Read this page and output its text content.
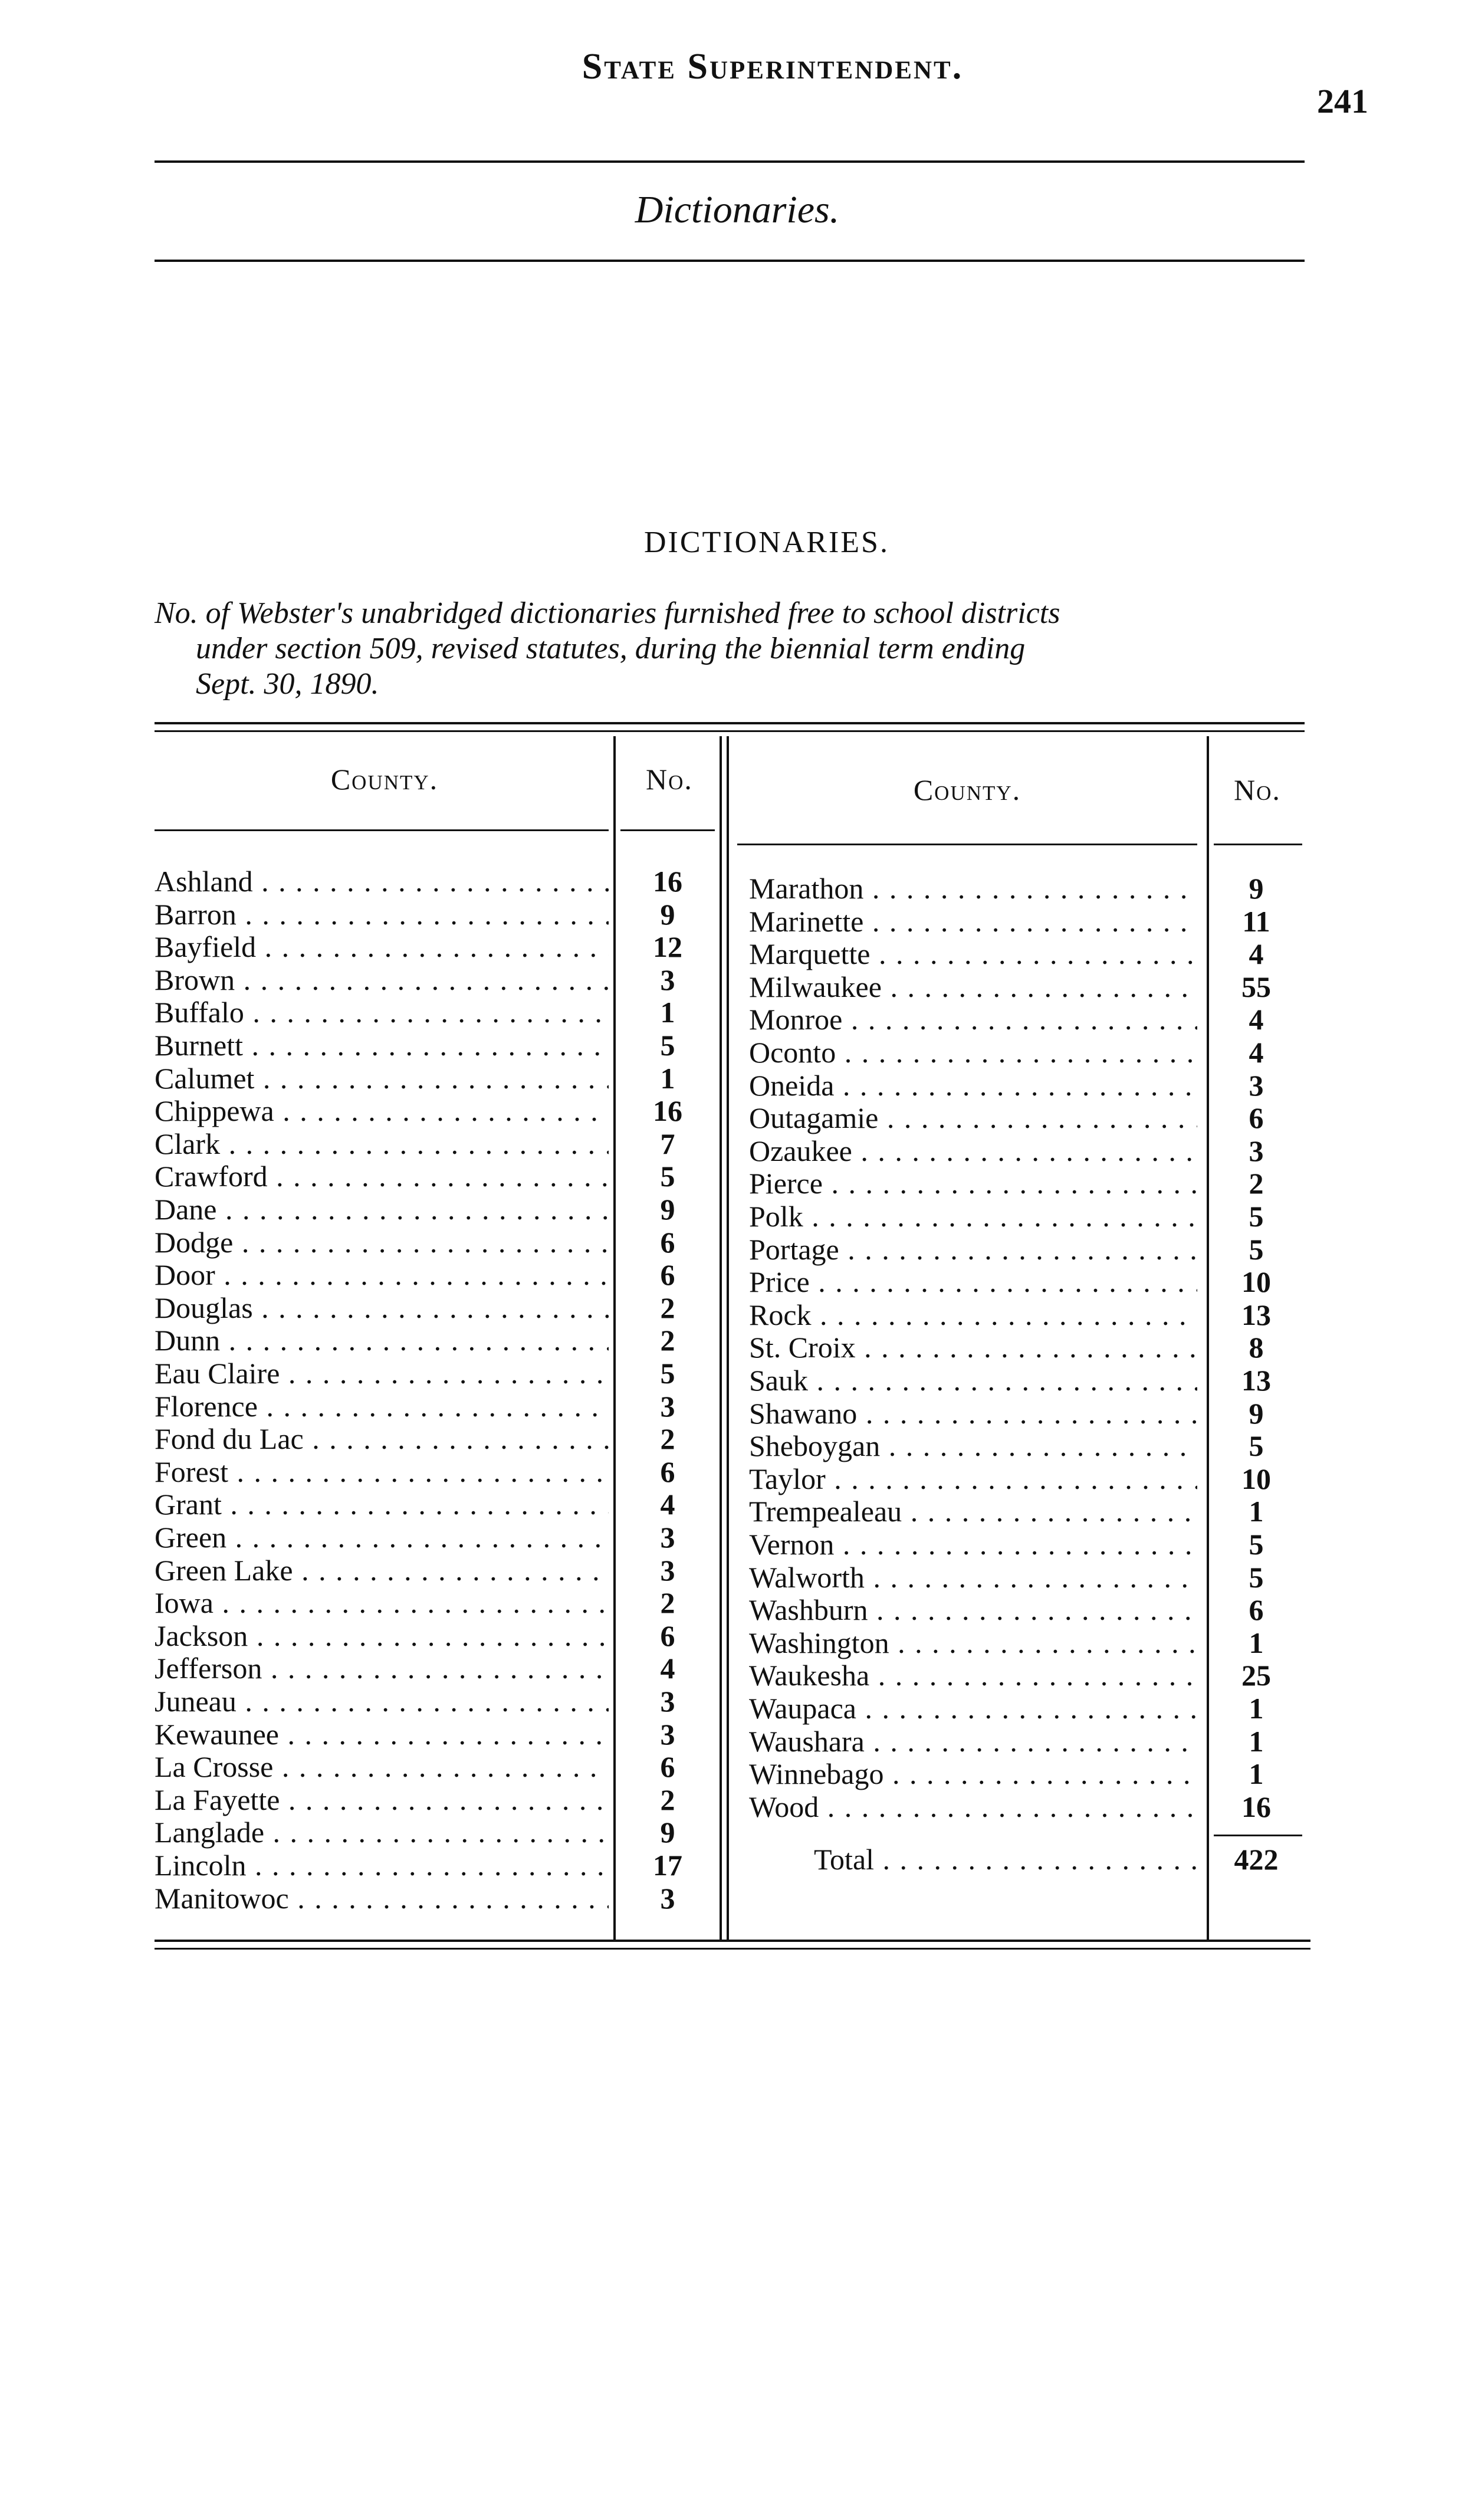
State Superintendent.
241
Dictionaries.
DICTIONARIES.

No. of Webster's unabridged dictionaries furnished free to school districts

under section 509, revised statutes, during the biennial term ending

Sept. 30, 1890.

County.	No.	County.	No.
Ashland . . .	16
Barron . . .	9
Bayfield . . .	12
Brown . . .	3
Buffalo . . .	1
Burnett . . .	5
Calumet . . .	1
Chippewa . . .	16
Clark . . .	7
Crawford . . .	5
Dane . . .	9
Dodge . . .	6
Door . . .	6
Douglas . . .	2
Dunn . . .	2
Eau Claire . . .	5
Florence . . .	3
Fond du Lac . . .	2
Forest . . .	6
Grant . . .	4
Green . . .	3
Green Lake . . .	3
Iowa . . .	2
Jackson . . .	6
Jefferson . . .	4
Juneau . . .	3
Kewaunee . . .	3
La Crosse . . .	6
La Fayette . . .	2
Langlade . . .	9
Lincoln . . .	17
Manitowoc . . .	3
Marathon . . .	9
Marinette . . .	11
Marquette . . .	4
Milwaukee . . .	55
Monroe . . .	4
Oconto . . .	4
Oneida . . .	3
Outagamie . . .	6
Ozaukee . . .	3
Pierce . . .	2
Polk . . .	5
Portage . . .	5
Price . . .	10
Rock . . .	13
St. Croix . . .	8
Sauk . . .	13
Shawano . . .	9
Sheboygan . . .	5
Taylor . . .	10
Trempealeau . . .	1
Vernon . . .	5
Walworth . . .	5
Washburn . . .	6
Washington . . .	1
Waukesha . . .	25
Waupaca . . .	1
Waushara . . .	1
Winnebago . . .	1
Wood . . .	16
Total . . .	422
